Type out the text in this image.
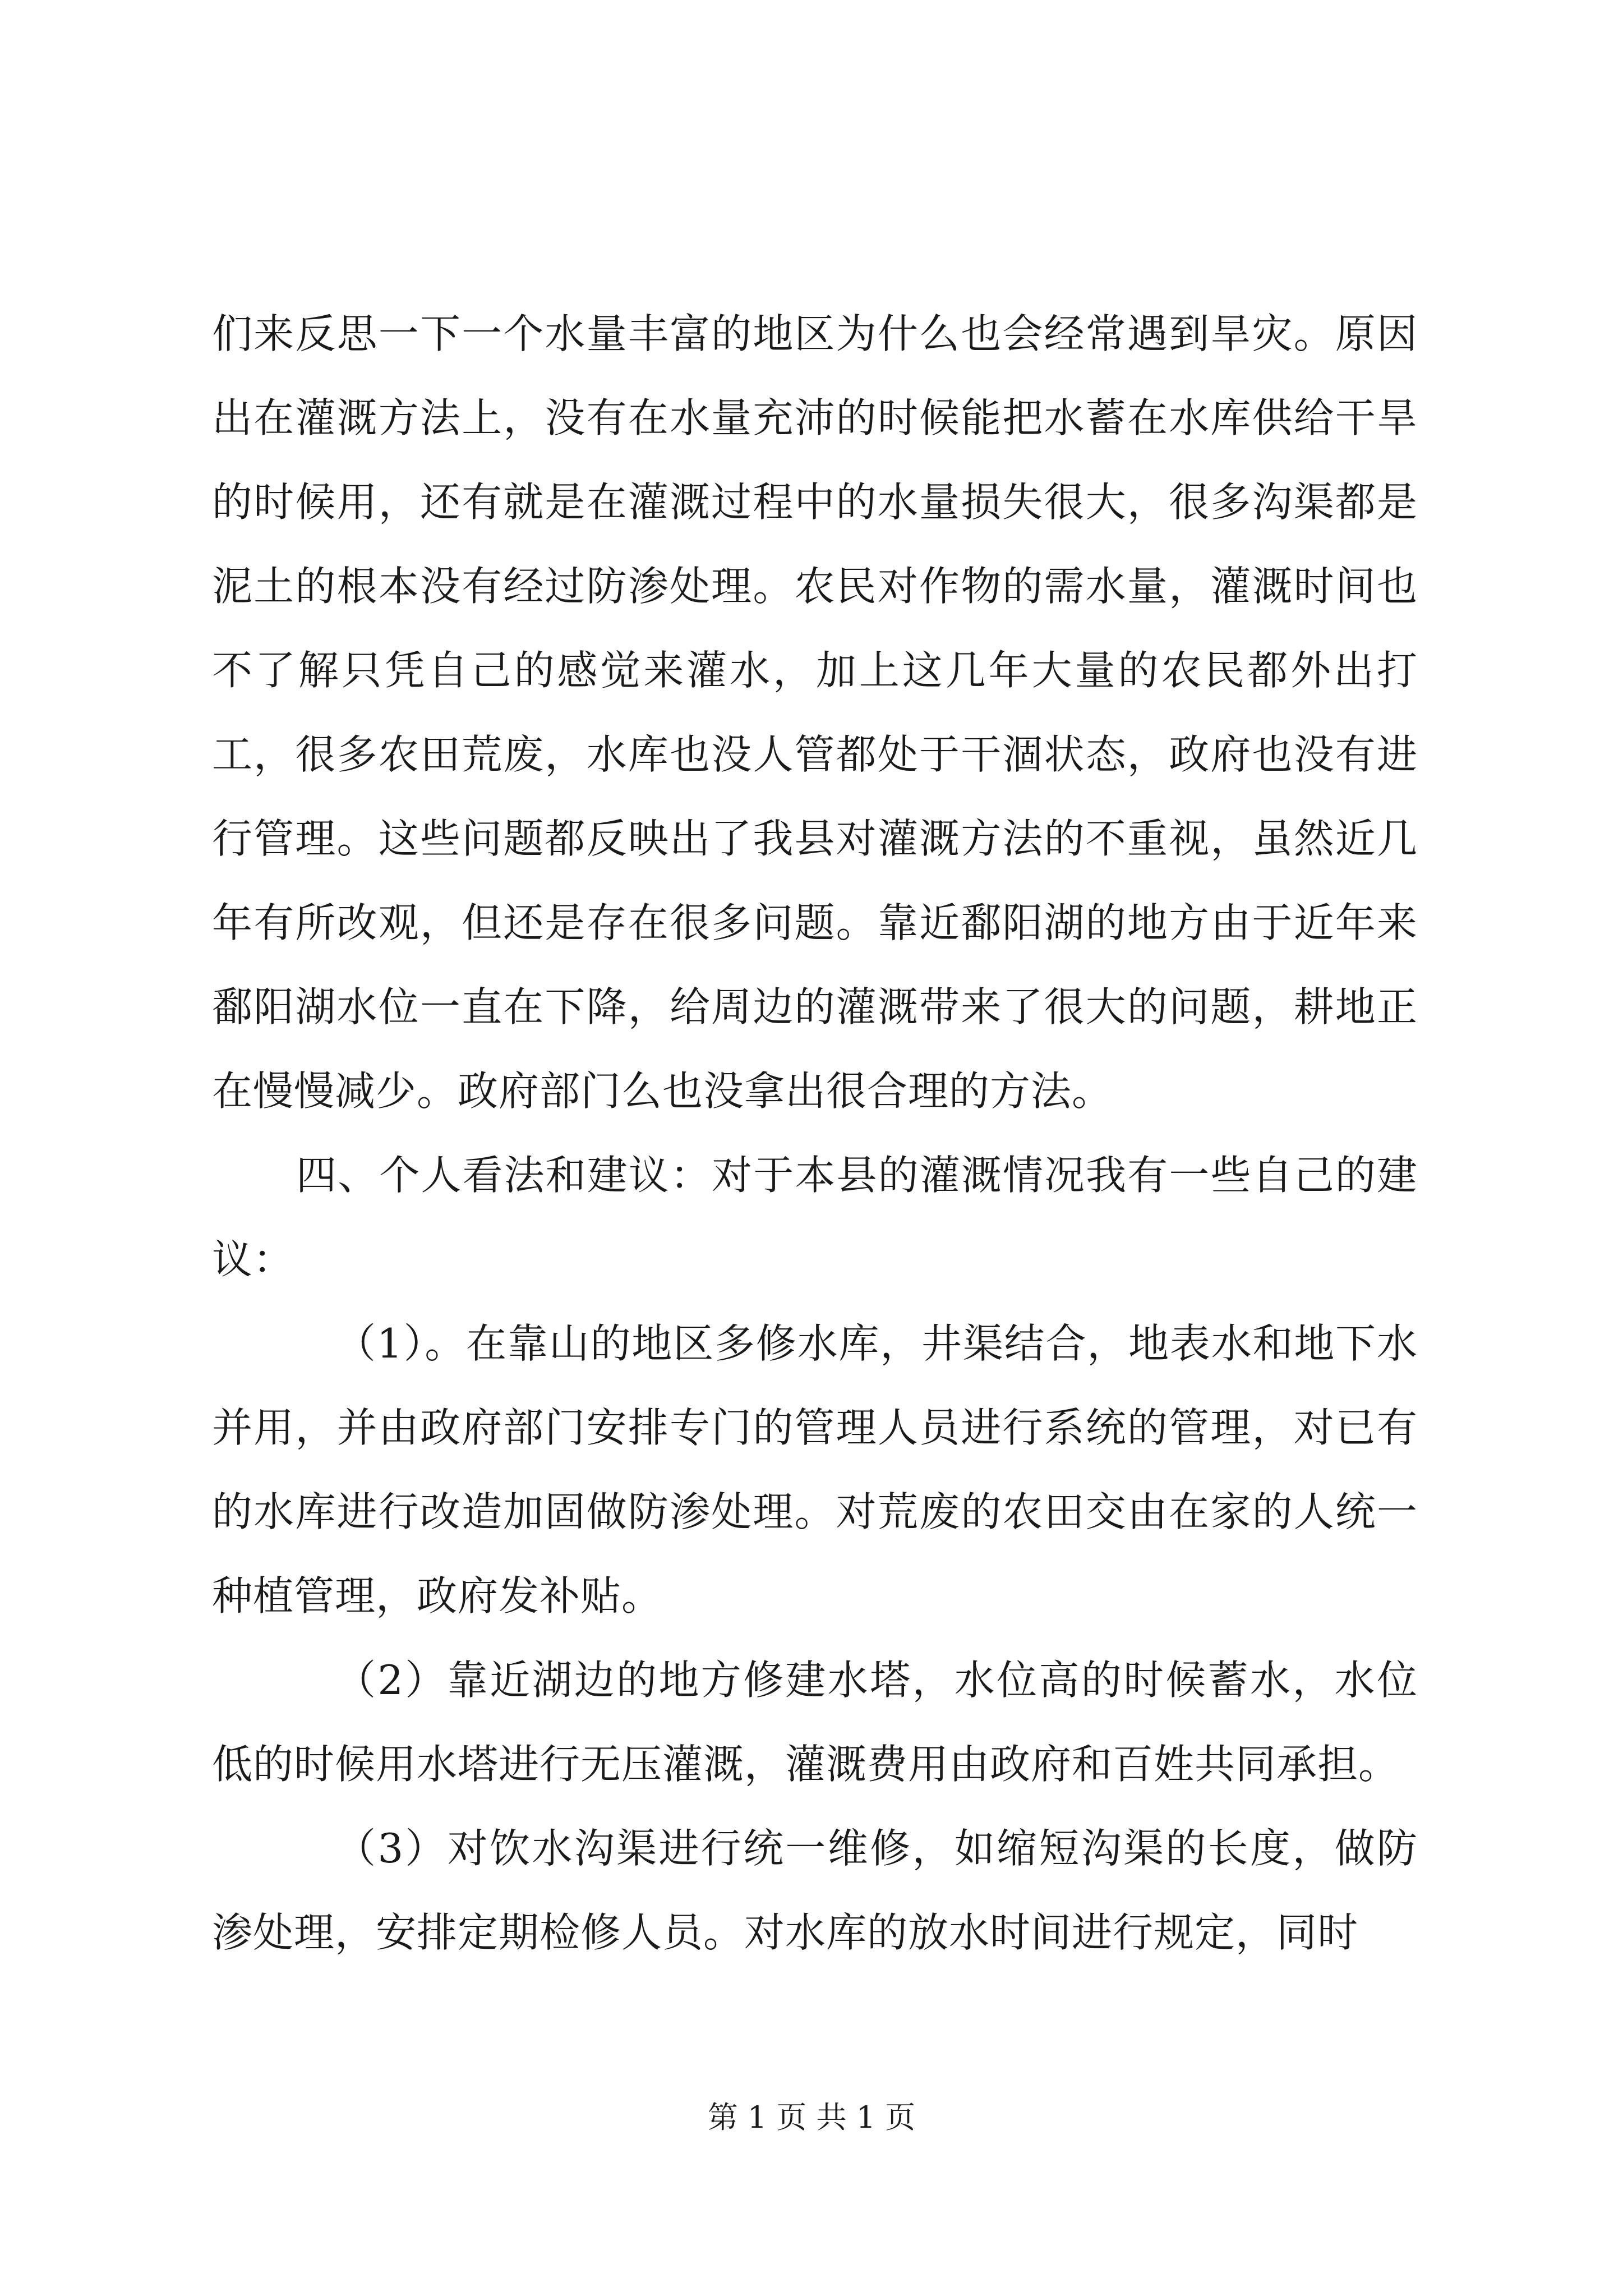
们来反思一下一个水量丰富的地区为什么也会经常遇到旱灾。原因出在灌溉方法上，没有在水量充沛的时候能把水蓄在水库供给干旱的时候用，还有就是在灌溉过程中的水量损失很大，很多沟渠都是泥土的根本没有经过防渗处理。农民对作物的需水量，灌溉时间也不了解只凭自己的感觉来灌水，加上这几年大量的农民都外出打工，很多农田荒废，水库也没人管都处于干涸状态，政府也没有进行管理。这些问题都反映出了我县对灌溉方法的不重视，虽然近几年有所改观，但还是存在很多问题。靠近鄱阳湖的地方由于近年来鄱阳湖水位一直在下降，给周边的灌溉带来了很大的问题，耕地正在慢慢减少。政府部门么也没拿出很合理的方法。

四、个人看法和建议：对于本县的灌溉情况我有一些自己的建议：

（1）。在靠山的地区多修水库，井渠结合，地表水和地下水并用，并由政府部门安排专门的管理人员进行系统的管理，对已有的水库进行改造加固做防渗处理。对荒废的农田交由在家的人统一种植管理，政府发补贴。

（2）靠近湖边的地方修建水塔，水位高的时候蓄水，水位低的时候用水塔进行无压灌溉，灌溉费用由政府和百姓共同承担。

（3）对饮水沟渠进行统一维修，如缩短沟渠的长度，做防渗处理，安排定期检修人员。对水库的放水时间进行规定，同时

第 1 页 共 1 页
